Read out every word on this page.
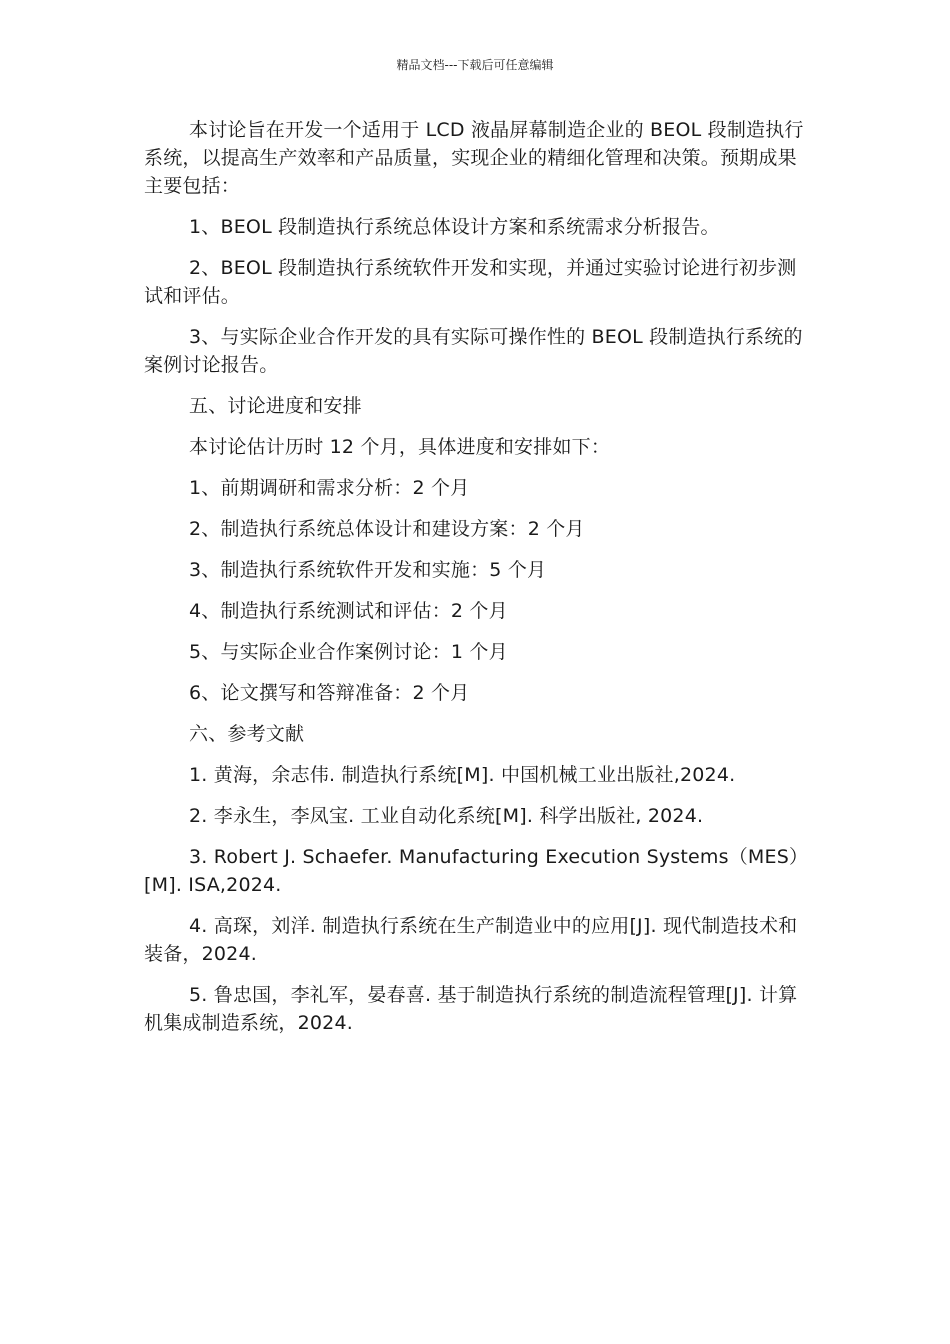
精品文档---下载后可任意编辑

本讨论旨在开发一个适用于 LCD 液晶屏幕制造企业的 BEOL 段制造执行系统，以提高生产效率和产品质量，实现企业的精细化管理和决策。预期成果主要包括：

1、BEOL 段制造执行系统总体设计方案和系统需求分析报告。

2、BEOL 段制造执行系统软件开发和实现，并通过实验讨论进行初步测试和评估。

3、与实际企业合作开发的具有实际可操作性的 BEOL 段制造执行系统的案例讨论报告。

五、讨论进度和安排

本讨论估计历时 12 个月，具体进度和安排如下：

1、前期调研和需求分析：2 个月

2、制造执行系统总体设计和建设方案：2 个月

3、制造执行系统软件开发和实施：5 个月

4、制造执行系统测试和评估：2 个月

5、与实际企业合作案例讨论：1 个月

6、论文撰写和答辩准备：2 个月

六、参考文献

1. 黄海，余志伟. 制造执行系统[M]. 中国机械工业出版社,2024.

2. 李永生，李凤宝. 工业自动化系统[M]. 科学出版社, 2024.

3. Robert J. Schaefer. Manufacturing Execution Systems（MES）[M]. ISA,2024.

4. 高琛，刘洋. 制造执行系统在生产制造业中的应用[J]. 现代制造技术和装备，2024.

5. 鲁忠国，李礼军，晏春喜. 基于制造执行系统的制造流程管理[J]. 计算机集成制造系统，2024.
